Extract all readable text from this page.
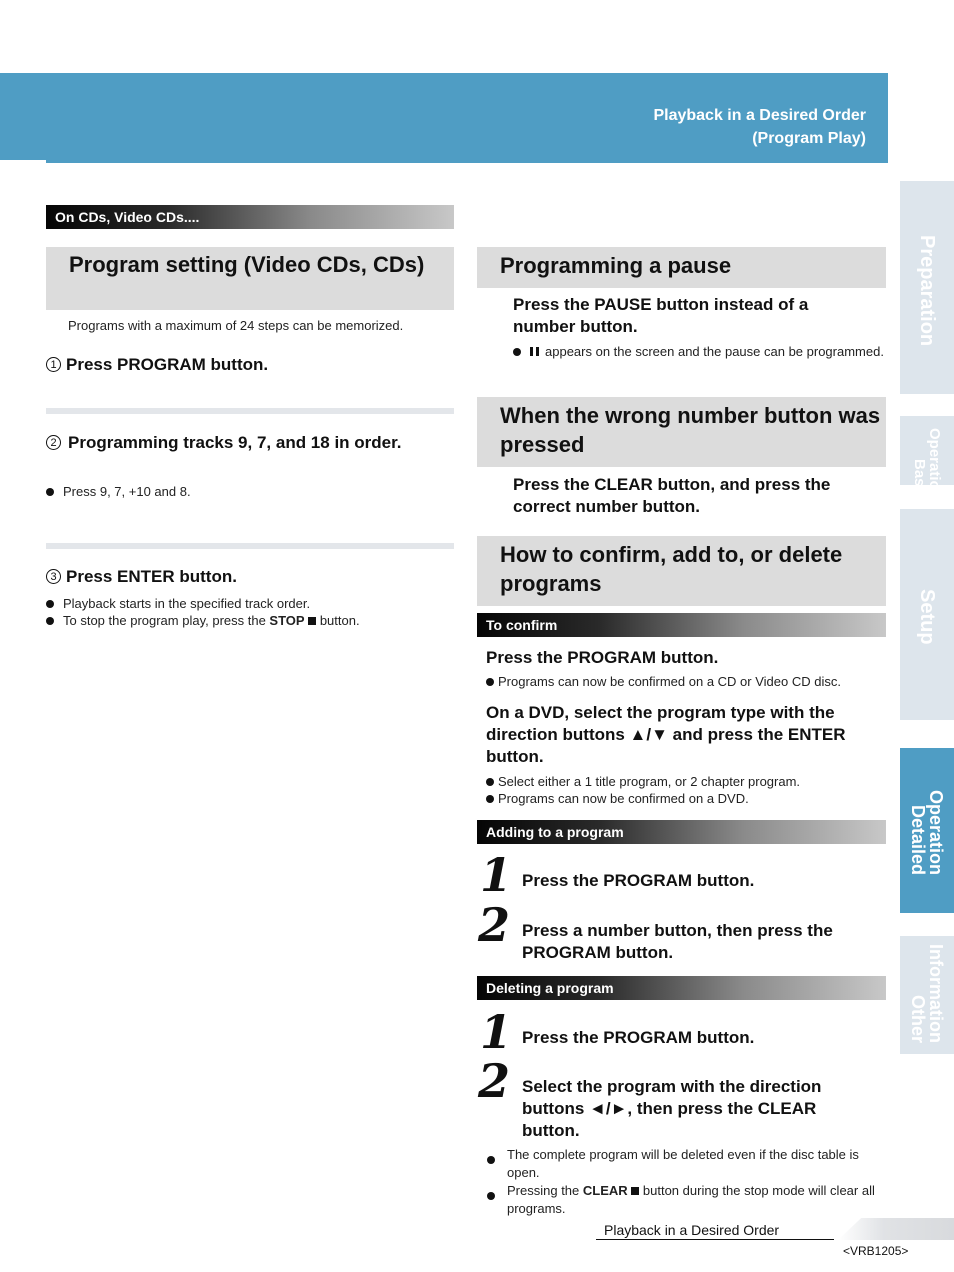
Playback in a Desired Order
(Program Play)
On CDs, Video CDs....
Program setting (Video CDs, CDs)
Programs with a maximum of 24 steps can be memorized.
1 Press PROGRAM button.
2 Programming tracks 9, 7, and 18 in order.
Press 9, 7, +10 and 8.
3 Press ENTER button.
Playback starts in the specified track order.
To stop the program play, press the STOP  button.
Programming a pause
Press the PAUSE button instead of a number button.
appears on the screen and the pause can be programmed.
When the wrong number button was pressed
Press the CLEAR button, and press the correct number button.
How to confirm, add to, or delete programs
To confirm
Press the PROGRAM button.
Programs can now be confirmed on a CD or Video CD disc.
On a DVD, select the program type with the direction buttons ▲/▼ and press the ENTER button.
Select either a 1 title program, or 2 chapter program.
Programs can now be confirmed on a DVD.
Adding to a program
1 Press the PROGRAM button.
2 Press a number button, then press the PROGRAM button.
Deleting a program
1 Press the PROGRAM button.
2 Select the program with the direction buttons ◄/►, then press the CLEAR button.
The complete program will be deleted even if the disc table is open.
Pressing the CLEAR  button during the stop mode will clear all programs.
Preparation
BasicOperation
Setup
DetailedOperation
OtherInformation
Playback in a Desired Order
<VRB1205>
